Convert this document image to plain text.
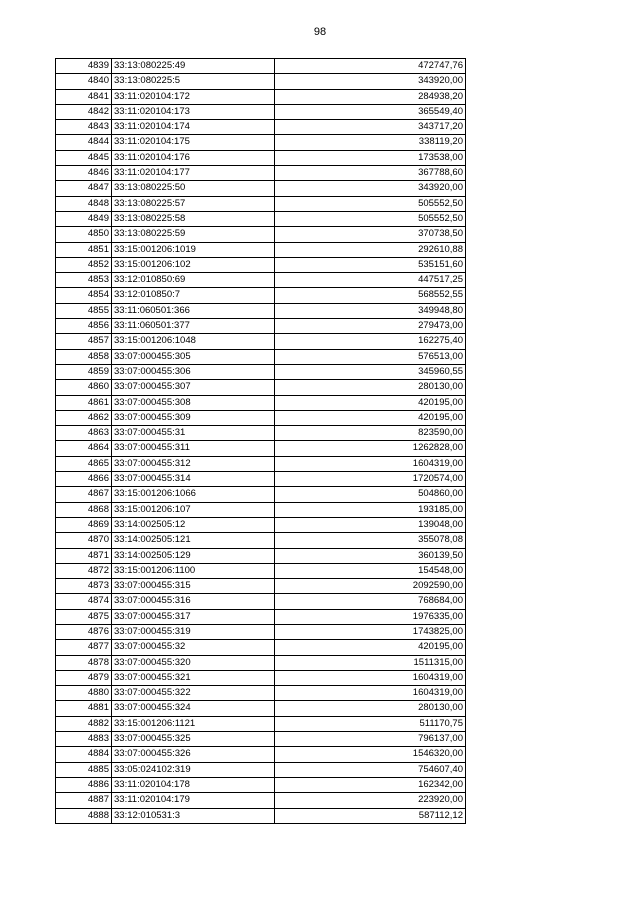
98
4839	33:13:080225:49	472747,76
4840	33:13:080225:5	343920,00
4841	33:11:020104:172	284938,20
4842	33:11:020104:173	365549,40
4843	33:11:020104:174	343717,20
4844	33:11:020104:175	338119,20
4845	33:11:020104:176	173538,00
4846	33:11:020104:177	367788,60
4847	33:13:080225:50	343920,00
4848	33:13:080225:57	505552,50
4849	33:13:080225:58	505552,50
4850	33:13:080225:59	370738,50
4851	33:15:001206:1019	292610,88
4852	33:15:001206:102	535151,60
4853	33:12:010850:69	447517,25
4854	33:12:010850:7	568552,55
4855	33:11:060501:366	349948,80
4856	33:11:060501:377	279473,00
4857	33:15:001206:1048	162275,40
4858	33:07:000455:305	576513,00
4859	33:07:000455:306	345960,55
4860	33:07:000455:307	280130,00
4861	33:07:000455:308	420195,00
4862	33:07:000455:309	420195,00
4863	33:07:000455:31	823590,00
4864	33:07:000455:311	1262828,00
4865	33:07:000455:312	1604319,00
4866	33:07:000455:314	1720574,00
4867	33:15:001206:1066	504860,00
4868	33:15:001206:107	193185,00
4869	33:14:002505:12	139048,00
4870	33:14:002505:121	355078,08
4871	33:14:002505:129	360139,50
4872	33:15:001206:1100	154548,00
4873	33:07:000455:315	2092590,00
4874	33:07:000455:316	768684,00
4875	33:07:000455:317	1976335,00
4876	33:07:000455:319	1743825,00
4877	33:07:000455:32	420195,00
4878	33:07:000455:320	1511315,00
4879	33:07:000455:321	1604319,00
4880	33:07:000455:322	1604319,00
4881	33:07:000455:324	280130,00
4882	33:15:001206:1121	511170,75
4883	33:07:000455:325	796137,00
4884	33:07:000455:326	1546320,00
4885	33:05:024102:319	754607,40
4886	33:11:020104:178	162342,00
4887	33:11:020104:179	223920,00
4888	33:12:010531:3	587112,12
